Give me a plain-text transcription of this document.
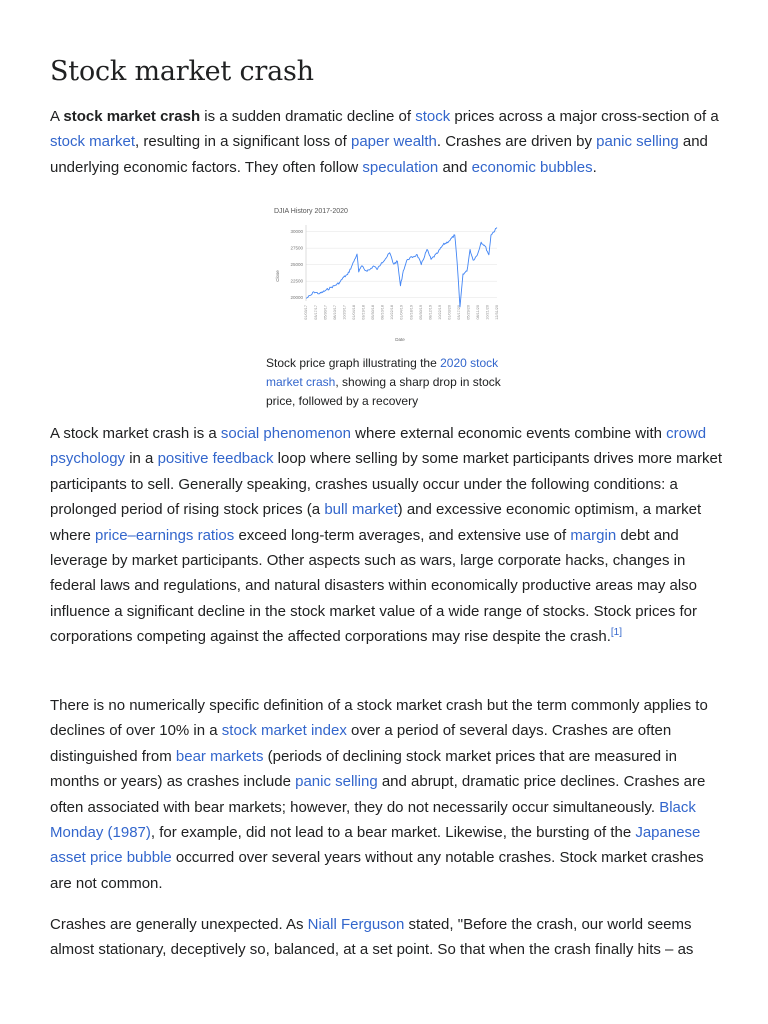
Stock market crash

A stock market crash is a sudden dramatic decline of stock prices across a major cross-section of a stock market, resulting in a significant loss of paper wealth. Crashes are driven by panic selling and underlying economic factors. They often follow speculation and economic bubbles.

DJIA History 2017-2020
Close
Date
20000
22500
25000
27500
30000
01/03/17 03/17/17 05/30/17 08/10/17 10/20/17 01/04/18 03/19/18 05/30/18 08/10/18 10/22/18 01/04/19 03/18/19 05/30/19 08/12/19 10/22/19 01/03/20 03/17/20 05/29/20 08/11/20 10/21/20 12/31/20

Stock price graph illustrating the 2020 stock market crash, showing a sharp drop in stock price, followed by a recovery

A stock market crash is a social phenomenon where external economic events combine with crowd psychology in a positive feedback loop where selling by some market participants drives more market participants to sell. Generally speaking, crashes usually occur under the following conditions: a prolonged period of rising stock prices (a bull market) and excessive economic optimism, a market where price–earnings ratios exceed long-term averages, and extensive use of margin debt and leverage by market participants. Other aspects such as wars, large corporate hacks, changes in federal laws and regulations, and natural disasters within economically productive areas may also influence a significant decline in the stock market value of a wide range of stocks. Stock prices for corporations competing against the affected corporations may rise despite the crash.[1]

There is no numerically specific definition of a stock market crash but the term commonly applies to declines of over 10% in a stock market index over a period of several days. Crashes are often distinguished from bear markets (periods of declining stock market prices that are measured in months or years) as crashes include panic selling and abrupt, dramatic price declines. Crashes are often associated with bear markets; however, they do not necessarily occur simultaneously. Black Monday (1987), for example, did not lead to a bear market. Likewise, the bursting of the Japanese asset price bubble occurred over several years without any notable crashes. Stock market crashes are not common.

Crashes are generally unexpected. As Niall Ferguson stated, "Before the crash, our world seems almost stationary, deceptively so, balanced, at a set point. So that when the crash finally hits – as
